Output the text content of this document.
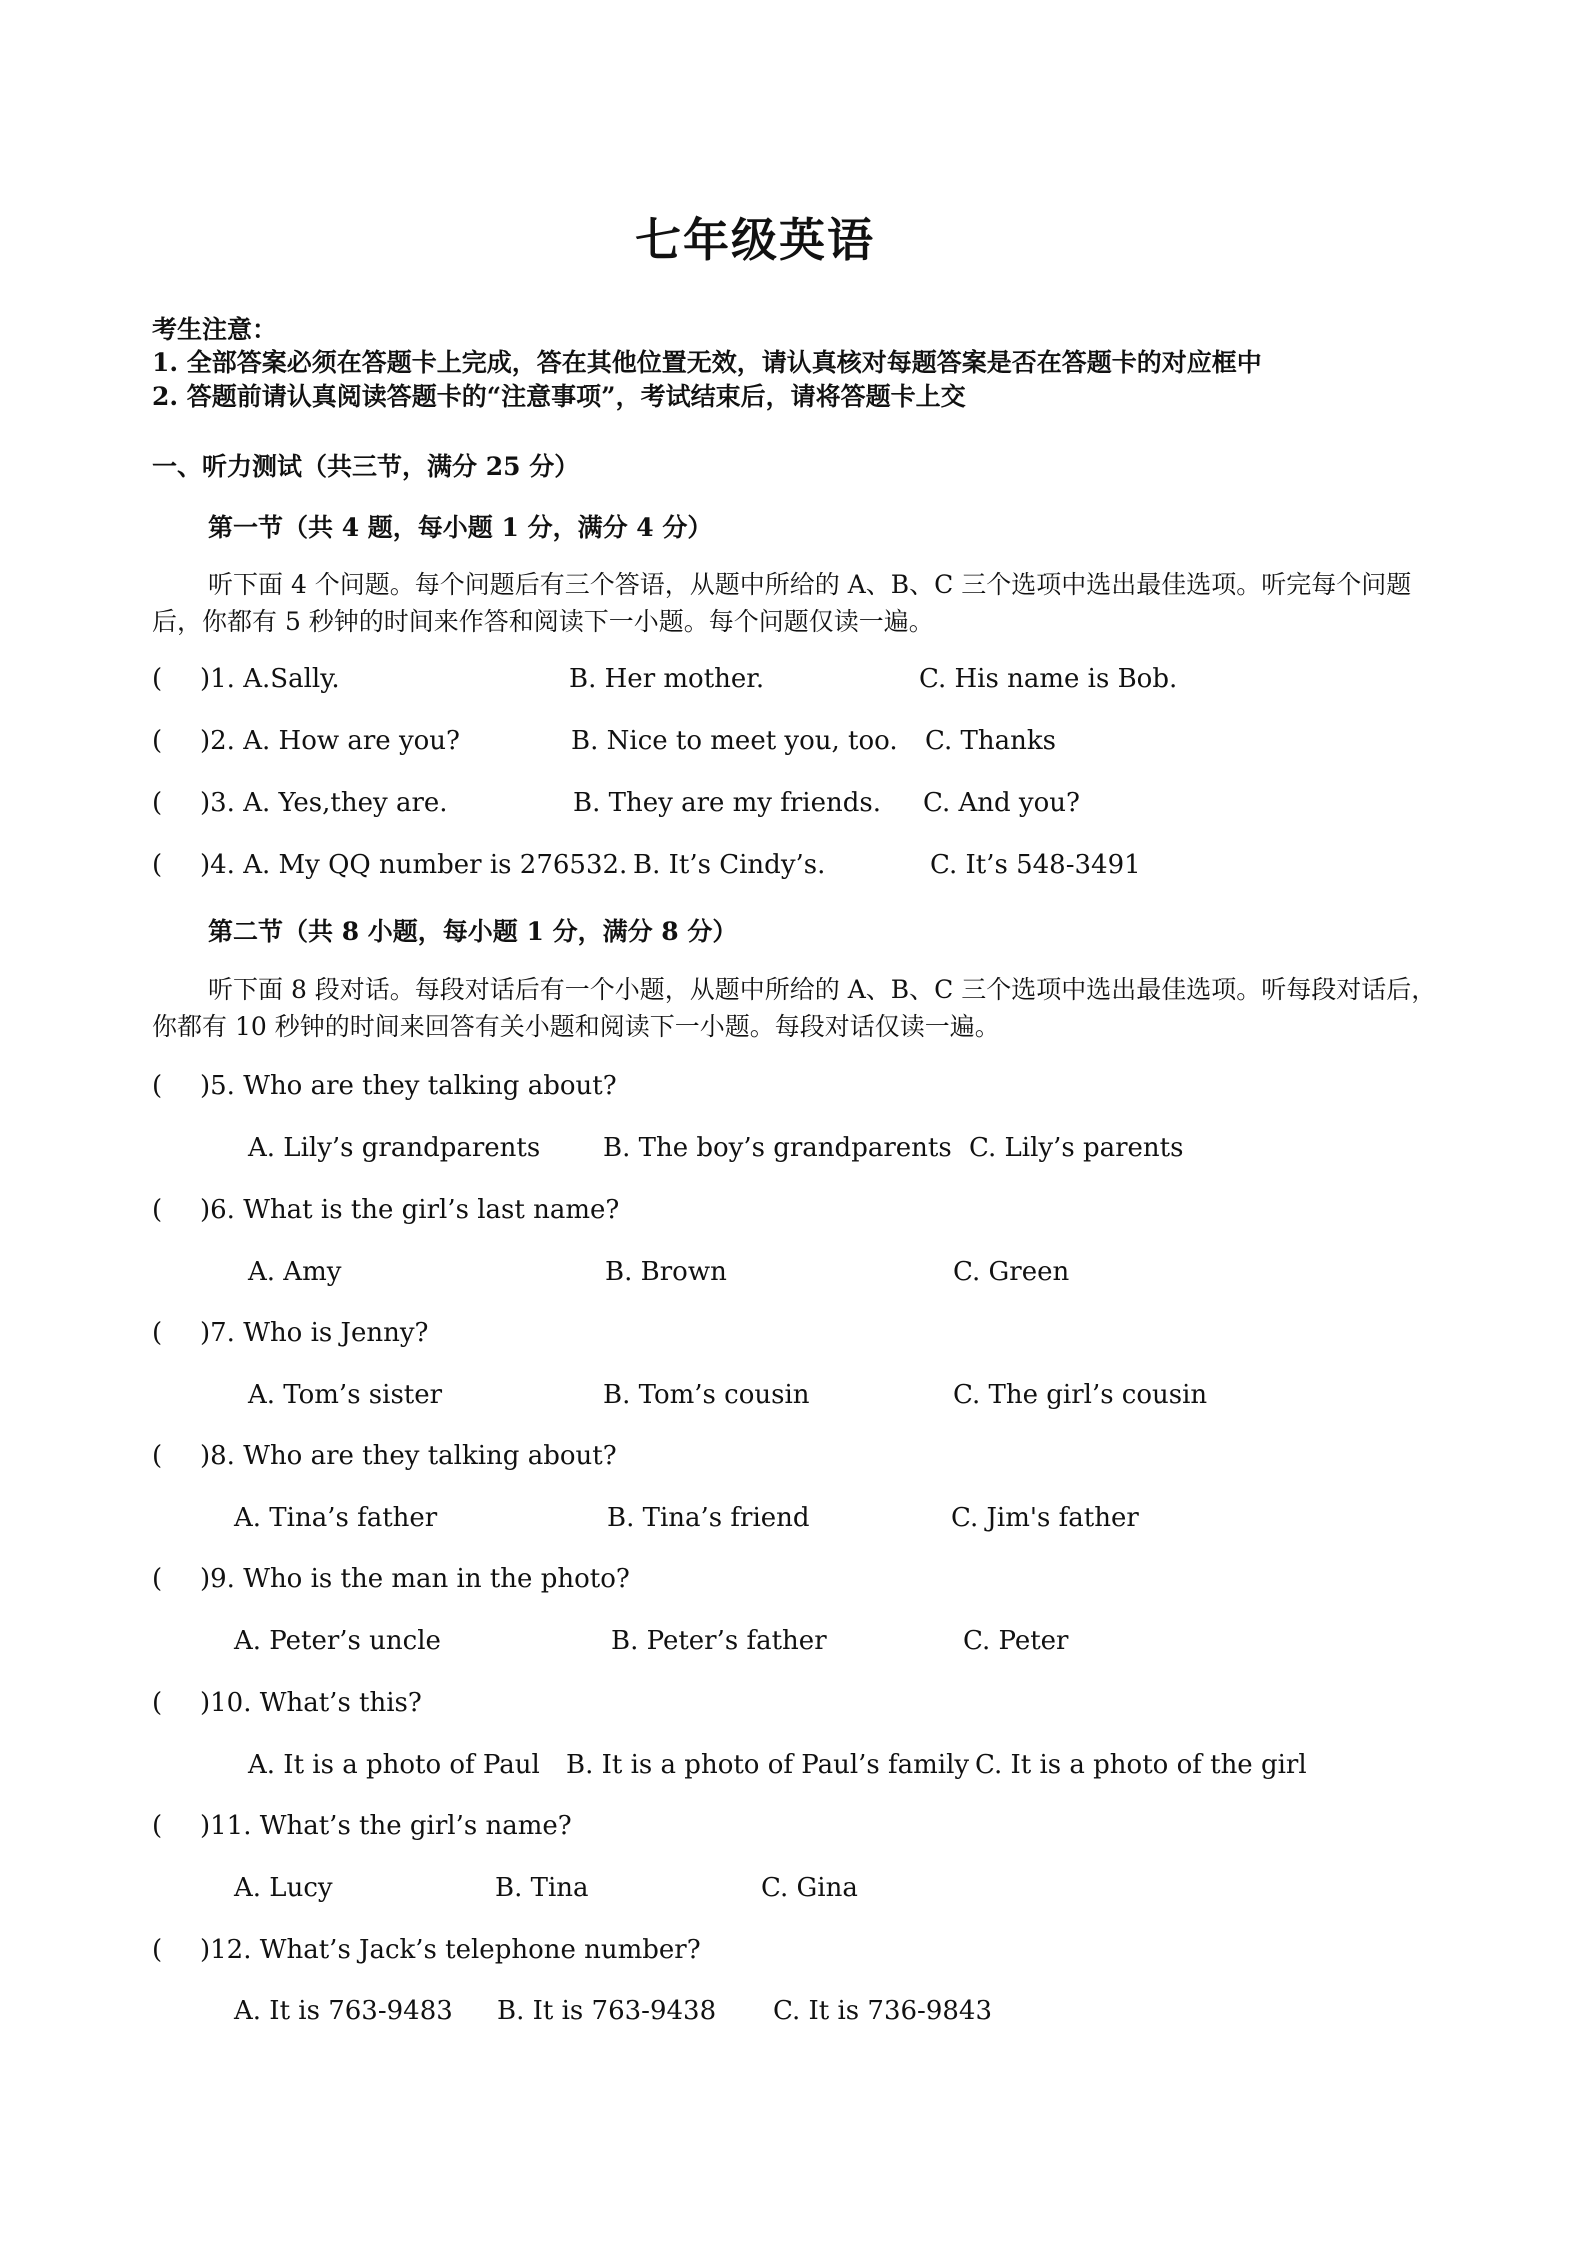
七年级英语
考生注意：
1. 全部答案必须在答题卡上完成，答在其他位置无效，请认真核对每题答案是否在答题卡的对应框中
2. 答题前请认真阅读答题卡的“注意事项”，考试结束后，请将答题卡上交
一、听力测试（共三节，满分 25 分）
第一节（共 4 题，每小题 1 分，满分 4 分）
听下面 4 个问题。每个问题后有三个答语，从题中所给的 A、B、C 三个选项中选出最佳选项。听完每个问题后，你都有 5 秒钟的时间来作答和阅读下一小题。每个问题仅读一遍。
( )1. A.Sally.	B. Her mother.	C. His name is Bob.
( )2. A. How are you?	B. Nice to meet you, too. C. Thanks
( )3. A. Yes,they are.	B. They are my friends. C. And you?
( )4. A. My QQ number is 276532. B. It’s Cindy’s.	C. It’s 548-3491
第二节（共 8 小题，每小题 1 分，满分 8 分）
听下面 8 段对话。每段对话后有一个小题，从题中所给的 A、B、C 三个选项中选出最佳选项。听每段对话后，你都有 10 秒钟的时间来回答有关小题和阅读下一小题。每段对话仅读一遍。
( )5. Who are they talking about?
A. Lily’s grandparents B. The boy’s grandparents C. Lily’s parents
( )6. What is the girl’s last name?
A. Amy	B. Brown	C. Green
( )7. Who is Jenny?
A. Tom’s sister	B. Tom’s cousin	C. The girl’s cousin
( )8. Who are they talking about?
A. Tina’s father	B. Tina’s friend	C. Jim's father
( )9. Who is the man in the photo?
A. Peter’s uncle	B. Peter’s father	C. Peter
( )10. What’s this?
A. It is a photo of Paul B. It is a photo of Paul’s family C. It is a photo of the girl
( )11. What’s the girl’s name?
A. Lucy	B. Tina	C. Gina
( )12. What’s Jack’s telephone number?
A. It is 763-9483 B. It is 763-9438 C. It is 736-9843
